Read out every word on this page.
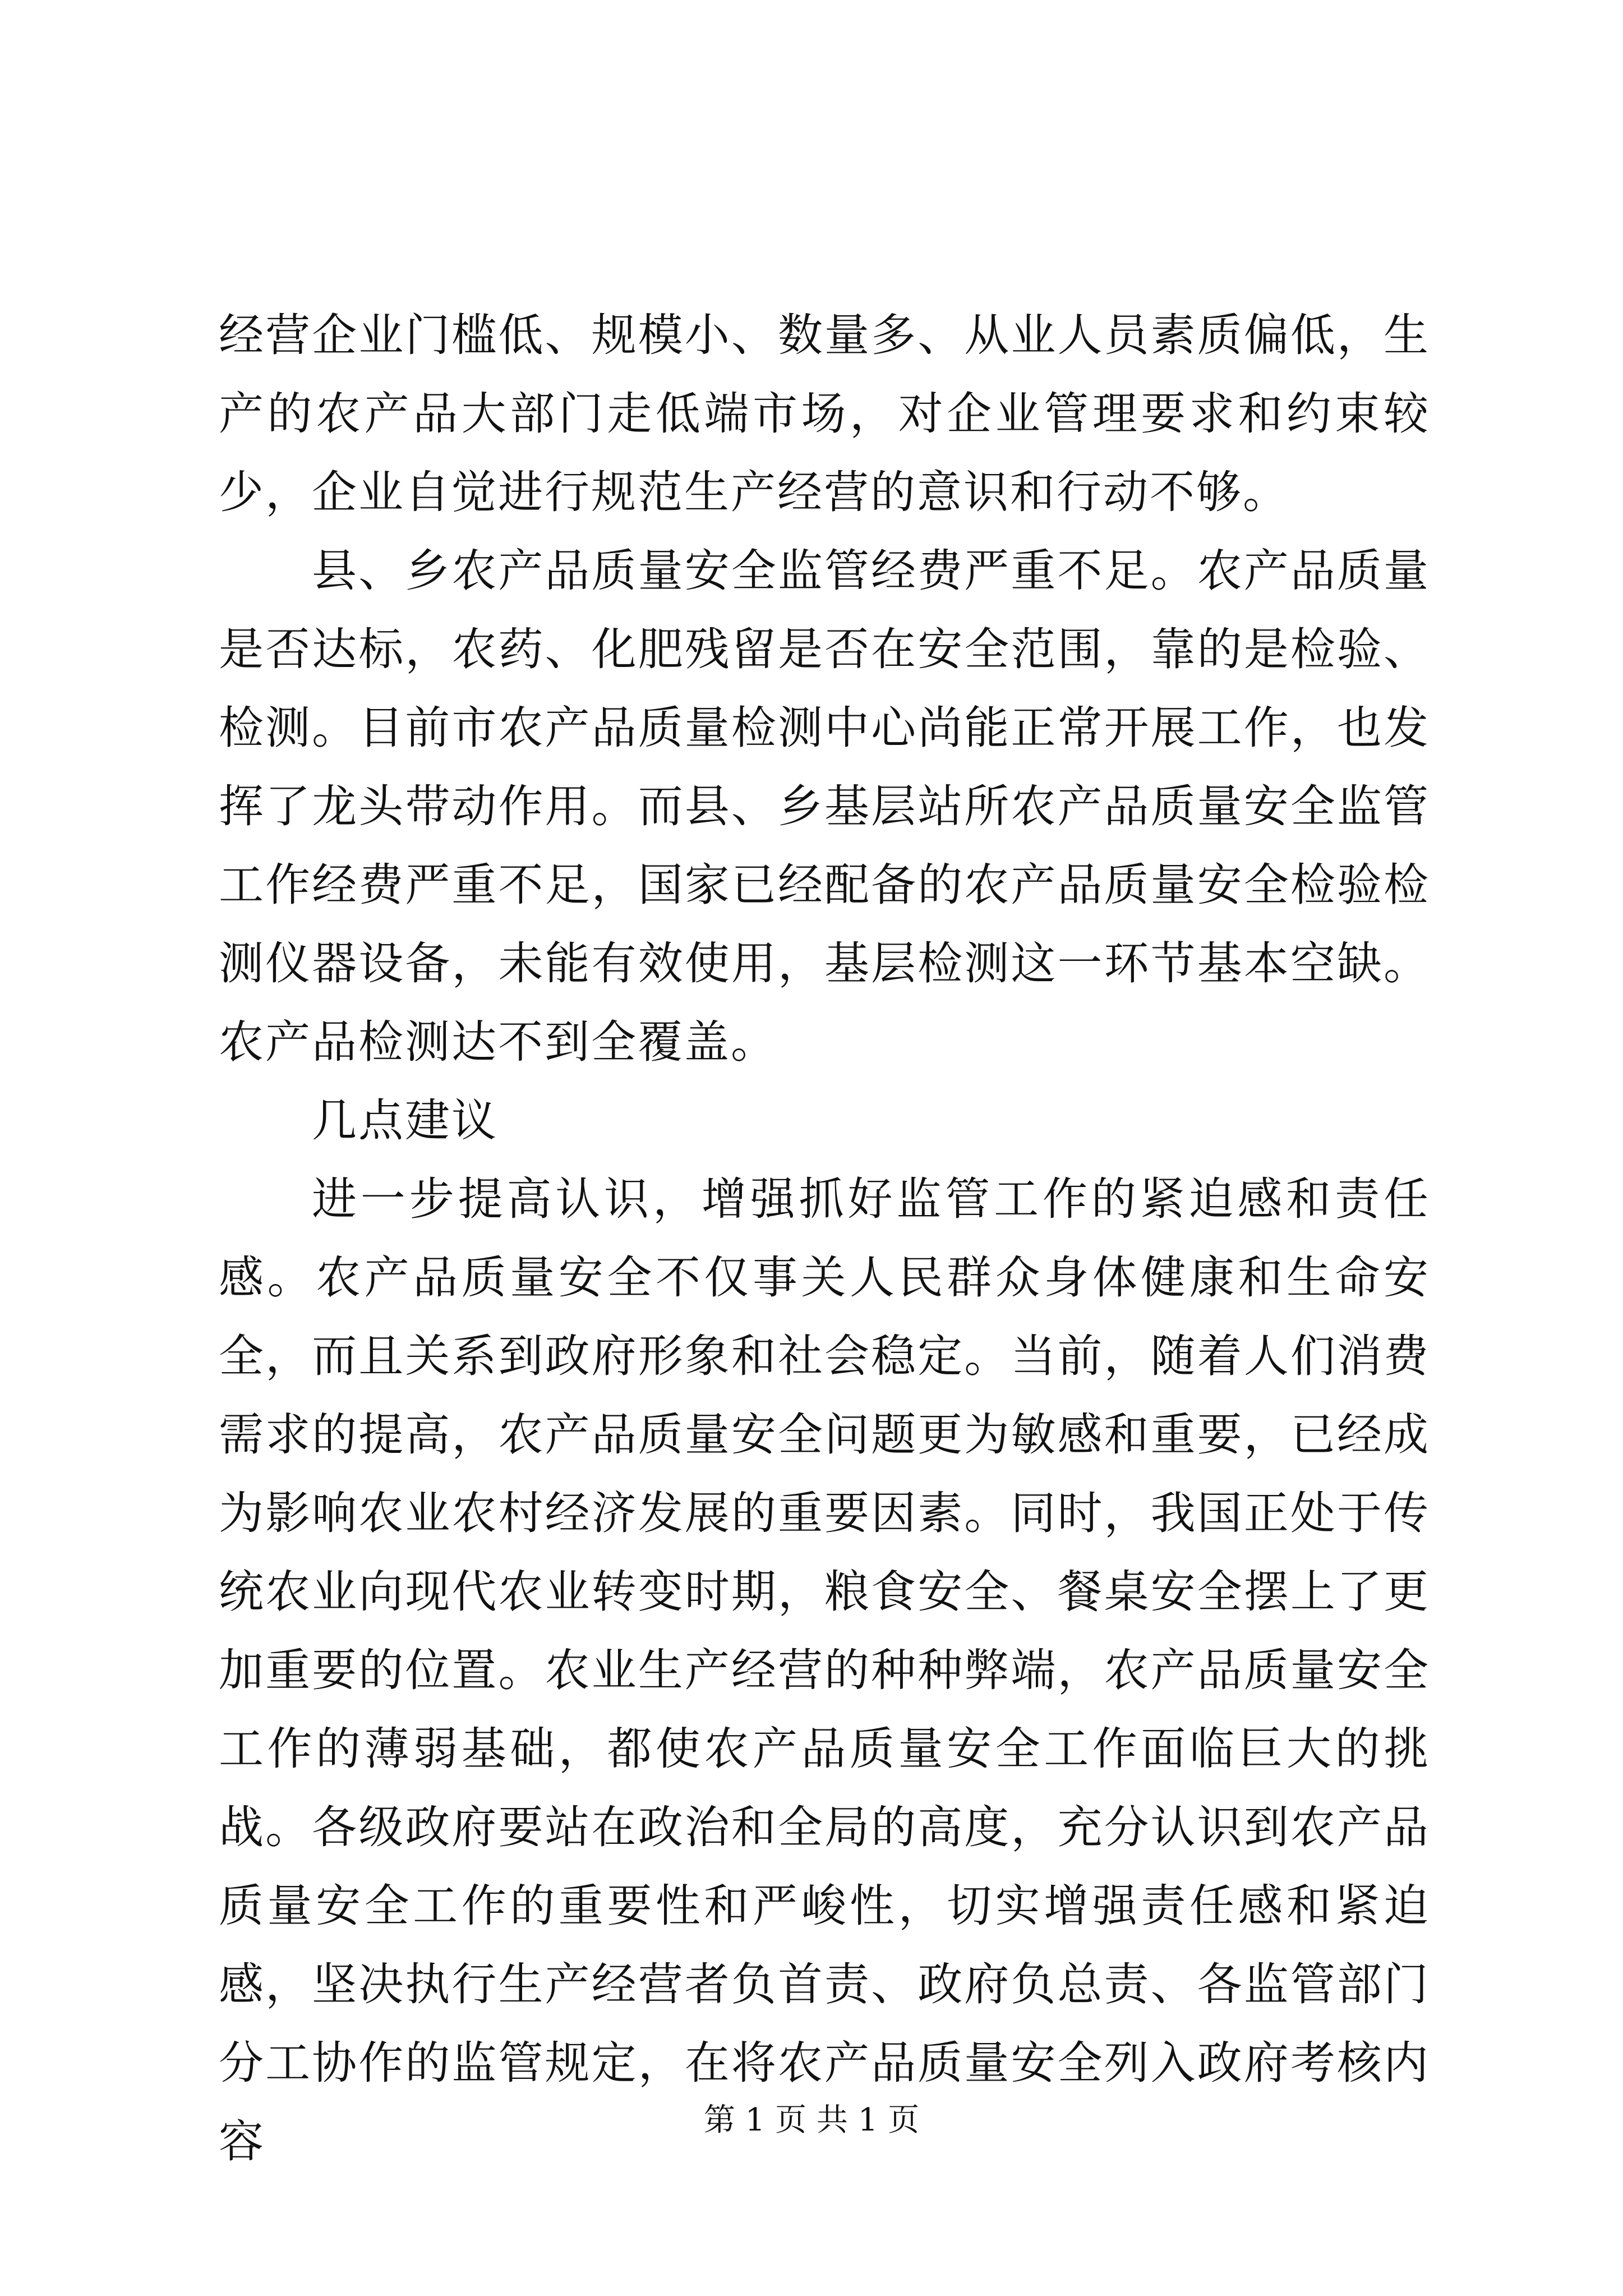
经营企业门槛低、规模小、数量多、从业人员素质偏低，生产的农产品大部门走低端市场，对企业管理要求和约束较少，企业自觉进行规范生产经营的意识和行动不够。

县、乡农产品质量安全监管经费严重不足。农产品质量是否达标，农药、化肥残留是否在安全范围，靠的是检验、检测。目前市农产品质量检测中心尚能正常开展工作，也发挥了龙头带动作用。而县、乡基层站所农产品质量安全监管工作经费严重不足，国家已经配备的农产品质量安全检验检测仪器设备，未能有效使用，基层检测这一环节基本空缺。农产品检测达不到全覆盖。

几点建议

进一步提高认识，增强抓好监管工作的紧迫感和责任感。农产品质量安全不仅事关人民群众身体健康和生命安全，而且关系到政府形象和社会稳定。当前，随着人们消费需求的提高，农产品质量安全问题更为敏感和重要，已经成为影响农业农村经济发展的重要因素。同时，我国正处于传统农业向现代农业转变时期，粮食安全、餐桌安全摆上了更加重要的位置。农业生产经营的种种弊端，农产品质量安全工作的薄弱基础，都使农产品质量安全工作面临巨大的挑战。各级政府要站在政治和全局的高度，充分认识到农产品质量安全工作的重要性和严峻性，切实增强责任感和紧迫感，坚决执行生产经营者负首责、政府负总责、各监管部门分工协作的监管规定，在将农产品质量安全列入政府考核内容	第 1 页 共 1 页
